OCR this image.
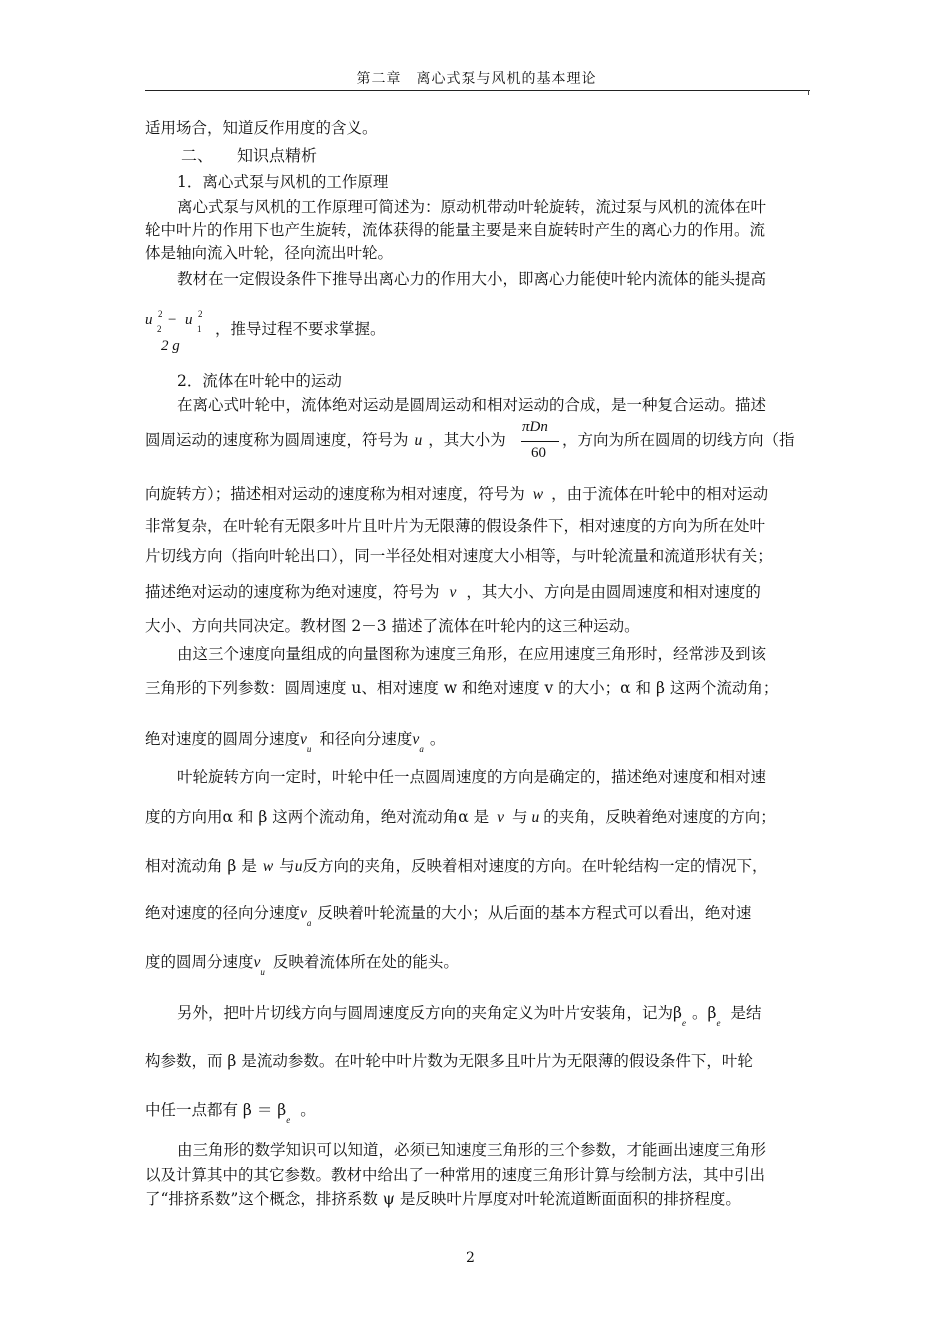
第二章　离心式泵与风机的基本理论
适用场合，知道反作用度的含义。
二、　　知识点精析
1．离心式泵与风机的工作原理
离心式泵与风机的工作原理可简述为：原动机带动叶轮旋转，流过泵与风机的流体在叶
轮中叶片的作用下也产生旋转，流体获得的能量主要是来自旋转时产生的离心力的作用。流
体是轴向流入叶轮，径向流出叶轮。
教材在一定假设条件下推导出离心力的作用大小，即离心力能使叶轮内流体的能头提高
u 2
2
− u 2
1
2 g
，推导过程不要求掌握。
2．流体在叶轮中的运动
在离心式叶轮中，流体绝对运动是圆周运动和相对运动的合成，是一种复合运动。描述
圆周运动的速度称为圆周速度，符号为 u ，其大小为
πDn
60
，方向为所在圆周的切线方向（指
向旋转方）；描述相对运动的速度称为相对速度，符号为 w ，由于流体在叶轮中的相对运动
非常复杂，在叶轮有无限多叶片且叶片为无限薄的假设条件下，相对速度的方向为所在处叶
片切线方向（指向叶轮出口），同一半径处相对速度大小相等，与叶轮流量和流道形状有关；
描述绝对运动的速度称为绝对速度，符号为 v ，其大小、方向是由圆周速度和相对速度的
大小、方向共同决定。教材图 2－3 描述了流体在叶轮内的这三种运动。
由这三个速度向量组成的向量图称为速度三角形，在应用速度三角形时，经常涉及到该
三角形的下列参数：圆周速度 u、相对速度 w 和绝对速度 v 的大小；α 和 β 这两个流动角；
绝对速度的圆周分速度$v_u$和径向分速度$v_a$。
叶轮旋转方向一定时，叶轮中任一点圆周速度的方向是确定的，描述绝对速度和相对速
度的方向用α 和 β 这两个流动角，绝对流动角α 是 v 与 u 的夹角，反映着绝对速度的方向；
相对流动角 β 是 w 与u反方向的夹角，反映着相对速度的方向。在叶轮结构一定的情况下，
绝对速度的径向分速度$v_a$反映着叶轮流量的大小；从后面的基本方程式可以看出，绝对速
度的圆周分速度$v_u$反映着流体所在处的能头。
另外，把叶片切线方向与圆周速度反方向的夹角定义为叶片安装角，记为$\beta_e$。$\beta_e$是结
构参数，而 β 是流动参数。在叶轮中叶片数为无限多且叶片为无限薄的假设条件下，叶轮
中任一点都有 $\beta = \beta_e$。
由三角形的数学知识可以知道，必须已知速度三角形的三个参数，才能画出速度三角形
以及计算其中的其它参数。教材中给出了一种常用的速度三角形计算与绘制方法，其中引出
了“排挤系数”这个概念，排挤系数 ψ 是反映叶片厚度对叶轮流道断面面积的排挤程度。
2
